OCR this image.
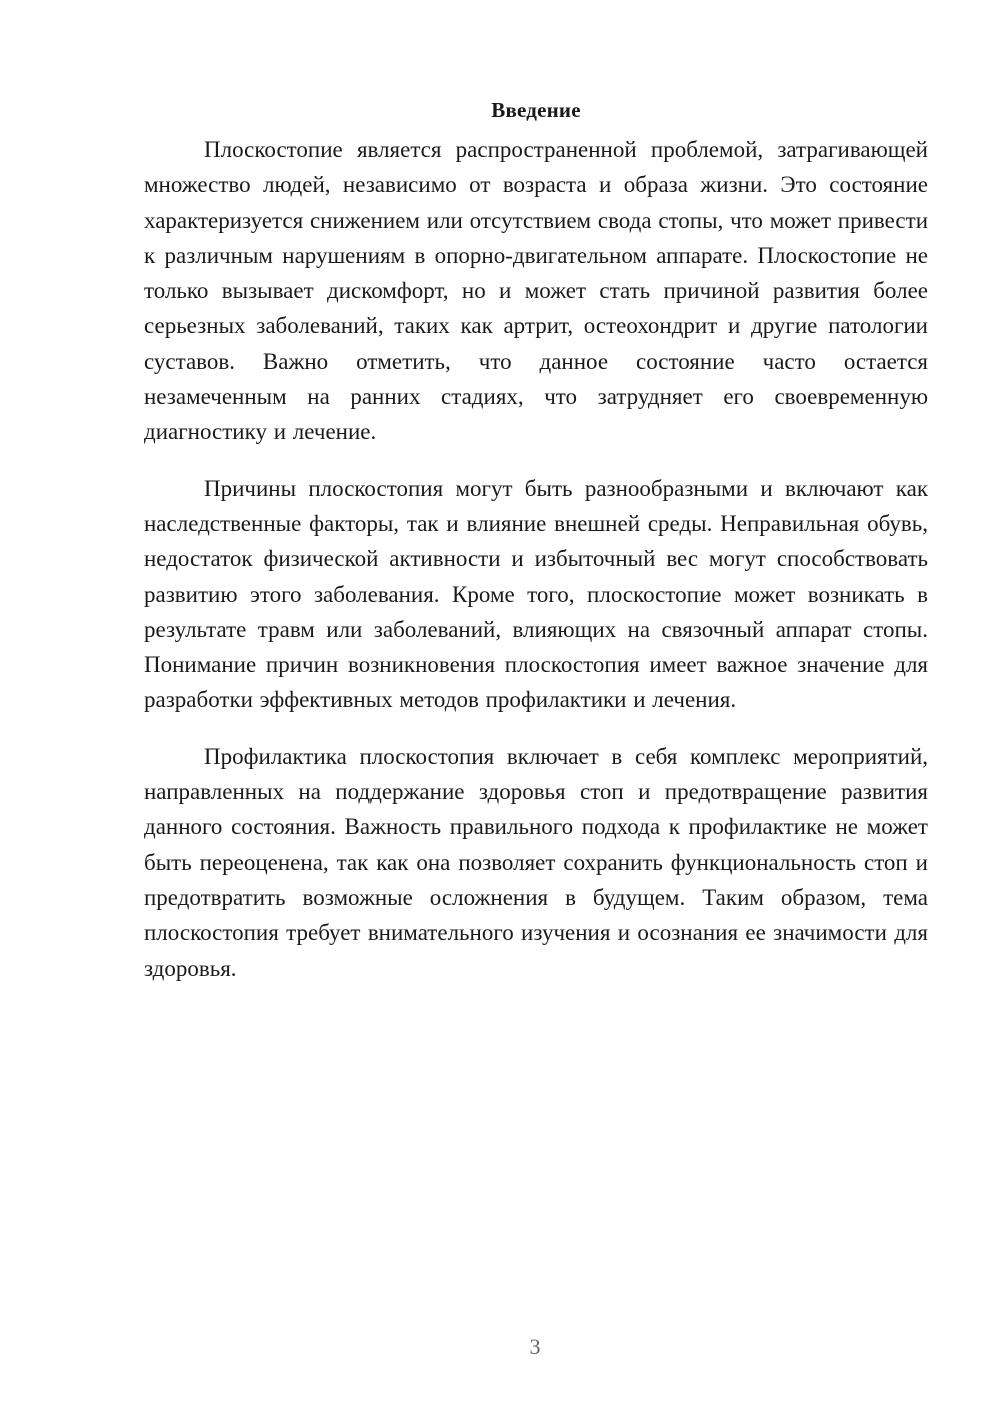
Введение

Плоскостопие является распространенной проблемой, затрагивающей множество людей, независимо от возраста и образа жизни. Это состояние характеризуется снижением или отсутствием свода стопы, что может привести к различным нарушениям в опорно-двигательном аппарате. Плоскостопие не только вызывает дискомфорт, но и может стать причиной развития более серьезных заболеваний, таких как артрит, остеохондрит и другие патологии суставов. Важно отметить, что данное состояние часто остается незамеченным на ранних стадиях, что затрудняет его своевременную диагностику и лечение.

Причины плоскостопия могут быть разнообразными и включают как наследственные факторы, так и влияние внешней среды. Неправильная обувь, недостаток физической активности и избыточный вес могут способствовать развитию этого заболевания. Кроме того, плоскостопие может возникать в результате травм или заболеваний, влияющих на связочный аппарат стопы. Понимание причин возникновения плоскостопия имеет важное значение для разработки эффективных методов профилактики и лечения.

Профилактика плоскостопия включает в себя комплекс мероприятий, направленных на поддержание здоровья стоп и предотвращение развития данного состояния. Важность правильного подхода к профилактике не может быть переоценена, так как она позволяет сохранить функциональность стоп и предотвратить возможные осложнения в будущем. Таким образом, тема плоскостопия требует внимательного изучения и осознания ее значимости для здоровья.

3
